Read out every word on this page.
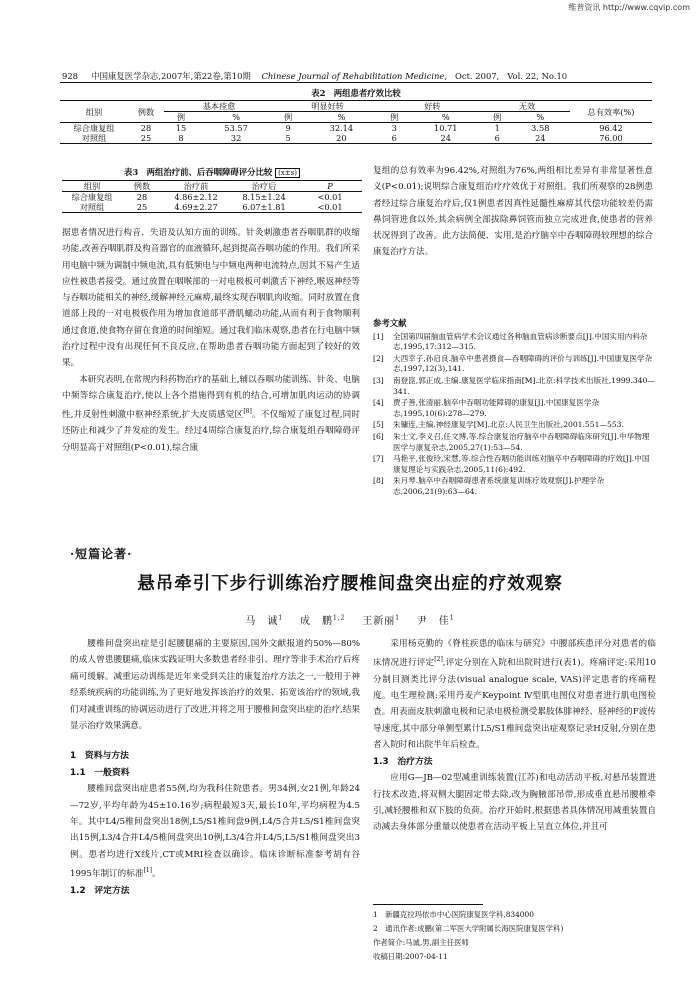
维普资讯 http://www.cqvip.com
928 中国康复医学杂志,2007年,第22卷,第10期 Chinese Journal of Rehabilitation Medicine, Oct. 2007, Vol. 22, No.10
表2　两组患者疗效比较
组别	例数	基本痊愈		明显好转		好转		无效		总有效率(%)
		例	%	例	%	例	%	例	%	
综合康复组	28	15	53.57	9	32.14	3	10.71	1	3.58	96.42
对照组	25	8	32	5	20	6	24	6	24	76.00
表3　两组治疗前、后吞咽障碍评分比较 (x±s)
组别	例数	治疗前	治疗后	P
综合康复组	28	4.86±2.12	8.15±1.24	<0.01
对照组	25	4.69±2.27	6.07±1.81	<0.01

据患者情况进行构音、失语及认知方面的训练。针灸刺激患者吞咽肌群的收缩功能,改善吞咽肌群及构音器官的血液循环,起到提高吞咽功能的作用。我们所采用电脑中频为调制中频电流,具有低频电与中频电两种电流特点,因其不易产生适应性被患者接受。通过放置在咽喉部的一对电极板可刺激舌下神经,喉返神经等与吞咽功能相关的神经,缓解神经元麻痹,最终实现吞咽肌肉收缩。同时放置在食道部上段的一对电极板作用为增加食道部平滑肌蠕动功能,从而有利于食物顺利通过食道,使食物存留在食道的时间缩短。通过我们临床观察,患者在行电脑中频治疗过程中没有出现任何不良反应,在帮助患者吞咽功能方面起到了较好的效果。

本研究表明,在常规内科药物治疗的基础上,辅以吞咽功能训练、针灸、电脑中频等综合康复治疗,使以上各个措施得到有机的结合,可增加肌肉运动的协调性,并反射性刺激中枢神经系统,扩大皮质感觉区[8]。不仅缩短了康复过程,同时还防止和减少了并发症的发生。经过4周综合康复治疗,综合康复组吞咽障碍评分明显高于对照组(P<0.01),综合康

复组的总有效率为96.42%,对照组为76%,两组相比差异有非常显著性意义(P<0.01);说明综合康复组治疗疗效优于对照组。我们所观察的28例患者经过综合康复治疗后,仅1例患者因真性延髓性麻痹其代偿功能较差仍需鼻饲管进食以外,其余病例全部拔除鼻饲管而独立完成进食,使患者的营养状况得到了改善。此方法简便、实用,是治疗脑卒中吞咽障碍较理想的综合康复治疗方法。

参考文献
[1]	全国第四届脑血管病学术会议通过各种脑血管病诊断要点[J].中国实用内科杂志,1995,17:312—315.
[2]	大西幸子,孙启良.脑卒中患者摄食—吞咽障碍的评价与训练[J].中国康复医学杂志,1997,12(3),141.
[3]	南登崑,郭正成,主编.康复医学临床指南[M].北京:科学技术出版社,1999.340—341.
[4]	贾子善,张清丽.脑卒中吞咽功能障碍的康复[J].中国康复医学杂志,1995,10(6):278—279.
[5]	朱镛连,主编.神经康复学[M].北京:人民卫生出版社,2001.551—553.
[6]	朱士文,李义召,任文博,等.综合康复治疗脑卒中吞咽障碍临床研究[J].中华物理医学与康复杂志,2005,27(1):53—54.
[7]	马艳平,张俊玲,宋慧,等.综合性吞咽功能训练对脑卒中吞咽障碍的疗效[J].中国康复理论与实践杂志,2005,11(6):492.
[8]	朱月琴.脑卒中吞咽障碍患者系统康复训练疗效观察[J].护理学杂志,2006,21(9):63—64.
·短篇论著·
悬吊牵引下步行训练治疗腰椎间盘突出症的疗效观察
马　诚$^1$ 成　鹏$^{1,2}$ 王新丽$^1$ 尹　佳$^1$

腰椎间盘突出症是引起腰腿痛的主要原因,国外文献报道约50%—80%的成人曾患腰腿痛,临床实践证明大多数患者经非引、理疗等非手术治疗后疼痛可缓解。减重运动训练是近年来受到关注的康复治疗方法之一,一般用于神经系统疾病的功能训练,为了更好地发挥该治疗的效果、拓宽该治疗的领域,我们对减重训练的协调运动进行了改进,并将之用于腰椎间盘突出症的治疗,结果显示治疗效果满意。

1　资料与方法

1.1　一般资料

腰椎间盘突出症患者55例,均为我科住院患者。男34例,女21例,年龄24—72岁,平均年龄为45±10.16岁;病程最短3天,最长10年,平均病程为4.5年。其中L4/5椎间盘突出18例,L5/S1椎间盘9例,L4/5合并L5/S1椎间盘突出15例,L3/4合并L4/5椎间盘突出10例,L3/4合并L4/5,L5/S1椎间盘突出3例。患者均进行X线片,CT或MRI检查以确诊。临床诊断标准参考胡有谷1995年制订的标准[1]。

1.2　评定方法

采用杨克勤的《脊柱疾患的临床与研究》中腰部疾患评分对患者的临床情况进行评定[2],评定分别在入院和出院时进行(表1)。疼痛评定:采用10分制目测类比评分法(visual analogue scale, VAS)评定患者的疼痛程度。电生理检测:采用丹麦产Keypoint Ⅳ型肌电图仪对患者进行肌电图检查。用表面皮肤刺激电极和记录电极检测受累肢体腓神经、胫神经的F波传导速度,其中部分单侧型累计L5/S1椎间盘突出症观察记录H反射,分别在患者入院时和出院半年后检查。

1.3　治疗方法

应用G—JB—02型减重训练装置(江苏)和电动活动平板,对悬吊装置进行技术改造,将双侧大腿固定带去除,改为胸腋部吊带,形成垂直悬吊腰椎牵引,减轻腰椎和双下肢的负荷。治疗开始时,根据患者具体情况用减重装置自动减去身体部分重量以使患者在活动平板上呈直立体位,并且可

1　新疆克拉玛依市中心医院康复医学科,834000
2　通讯作者:成鹏(第二军医大学附属长海医院康复医学科)
作者简介:马诚,男,副主任医师
收稿日期:2007-04-11
